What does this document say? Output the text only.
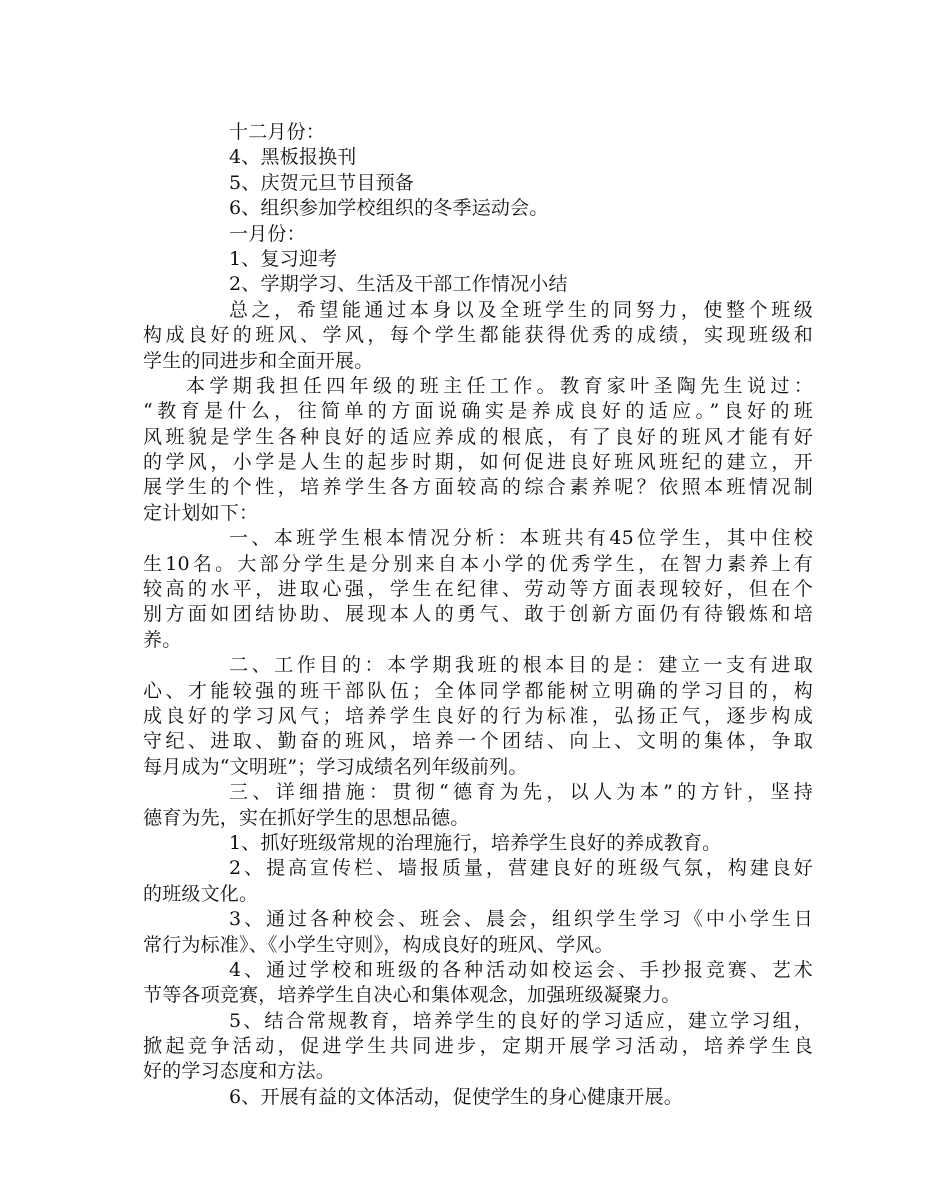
十二月份：
4、黑板报换刊
5、庆贺元旦节目预备
6、组织参加学校组织的冬季运动会。
一月份：
1、复习迎考
2、学期学习、生活及干部工作情况小结
总之，希望能通过本身以及全班学生的同努力，使整个班级
构成良好的班风、学风，每个学生都能获得优秀的成绩，实现班级和
学生的同进步和全面开展。
本学期我担任四年级的班主任工作。教育家叶圣陶先生说过：
“教育是什么，往简单的方面说确实是养成良好的适应。”良好的班
风班貌是学生各种良好的适应养成的根底，有了良好的班风才能有好
的学风，小学是人生的起步时期，如何促进良好班风班纪的建立，开
展学生的个性，培养学生各方面较高的综合素养呢？依照本班情况制
定计划如下：
一、本班学生根本情况分析：本班共有45位学生，其中住校
生10名。大部分学生是分别来自本小学的优秀学生，在智力素养上有
较高的水平，进取心强，学生在纪律、劳动等方面表现较好，但在个
别方面如团结协助、展现本人的勇气、敢于创新方面仍有待锻炼和培
养。
二、工作目的：本学期我班的根本目的是：建立一支有进取
心、才能较强的班干部队伍；全体同学都能树立明确的学习目的，构
成良好的学习风气；培养学生良好的行为标准，弘扬正气，逐步构成
守纪、进取、勤奋的班风，培养一个团结、向上、文明的集体，争取
每月成为“文明班”；学习成绩名列年级前列。
三、详细措施：贯彻“德育为先，以人为本”的方针，坚持
德育为先，实在抓好学生的思想品德。
1、抓好班级常规的治理施行，培养学生良好的养成教育。
2、提高宣传栏、墙报质量，营建良好的班级气氛，构建良好
的班级文化。
3、通过各种校会、班会、晨会，组织学生学习《中小学生日
常行为标准》、《小学生守则》，构成良好的班风、学风。
4、通过学校和班级的各种活动如校运会、手抄报竞赛、艺术
节等各项竞赛，培养学生自决心和集体观念，加强班级凝聚力。
5、结合常规教育，培养学生的良好的学习适应，建立学习组，
掀起竞争活动，促进学生共同进步，定期开展学习活动，培养学生良
好的学习态度和方法。
6、开展有益的文体活动，促使学生的身心健康开展。
